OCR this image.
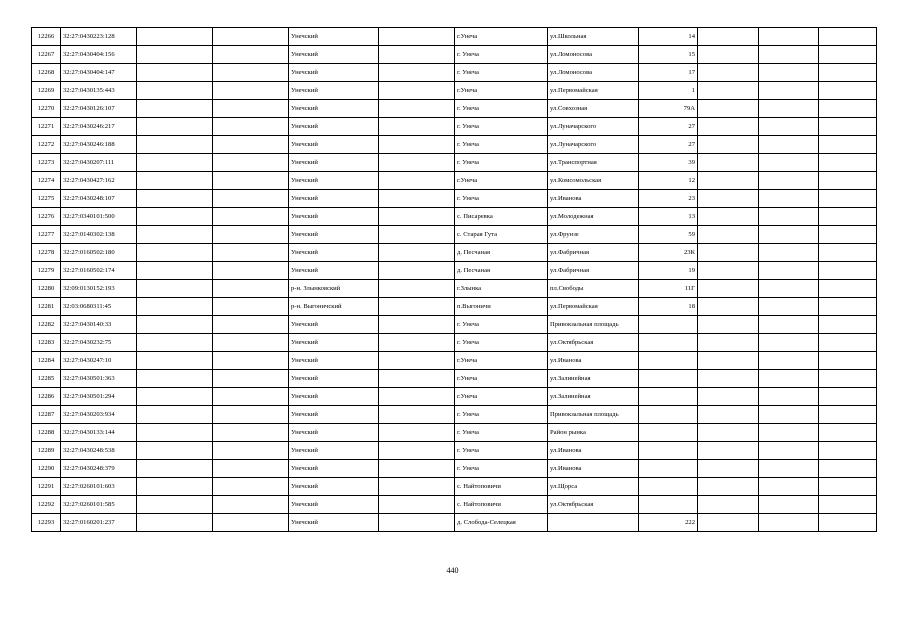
12266	32:27:0430223:128			Унечский		г.Унеча	ул.Школьная	14			
12267	32:27:0430404:156			Унечский		г. Унеча	ул.Ломоносова	15			
12268	32:27:0430404:147			Унечский		г. Унеча	ул.Ломоносова	17			
12269	32:27:0430135:443			Унечский		г.Унеча	ул.Первомайская	1			
12270	32:27:0430126:107			Унечский		г. Унеча	ул.Совхозная	79А			
12271	32:27:0430246:217			Унечский		г. Унеча	ул.Луначарского	27			
12272	32:27:0430246:188			Унечский		г. Унеча	ул.Луначарского	27			
12273	32:27:0430207:111			Унечский		г. Унеча	ул.Транспортная	39			
12274	32:27:0430427:162			Унечский		г.Унеча	ул.Комсомольская	12			
12275	32:27:0430248:107			Унечский		г. Унеча	ул.Иванова	23			
12276	32:27:0340101:500			Унечский		с. Писаревка	ул.Молодежная	13			
12277	32:27:0140302:138			Унечский		с. Старая Гута	ул.Фрунзе	59			
12278	32:27:0160502:180			Унечский		д. Песчаная	ул.Фабричная	23К			
12279	32:27:0160502:174			Унечский		д. Песчаная	ул.Фабричная	19			
12280	32:09:0130152:193			р-н. Злынковский		г.Злынка	пл.Свободы	11Г			
12281	32:03:0680311:45			р-н. Выгоничский		п.Выгоничи	ул.Первомайская	18			
12282	32:27:0430140:33			Унечский		г. Унеча	Привокзальная площадь				
12283	32:27:0430232:75			Унечский		г. Унеча	ул.Октябрьская				
12284	32:27:0430247:10			Унечский		г.Унеча	ул.Иванова				
12285	32:27:0430501:363			Унечский		г.Унеча	ул.Залинейная				
12286	32:27:0430501:294			Унечский		г.Унеча	ул.Залинейная				
12287	32:27:0430203:934			Унечский		г. Унеча	Привокзальная площадь				
12288	32:27:0430133:144			Унечский		г. Унеча	Район рынка				
12289	32:27:0430248:538			Унечский		г. Унеча	ул.Иванова				
12290	32:27:0430248:379			Унечский		г. Унеча	ул.Иванова				
12291	32:27:0260101:603			Унечский		с. Найтоповичи	ул.Щорса				
12292	32:27:0260101:585			Унечский		с. Найтоповичи	ул.Октябрьская				
12293	32:27:0160201:237			Унечский		д. Слобода-Селецкая		222			
440
